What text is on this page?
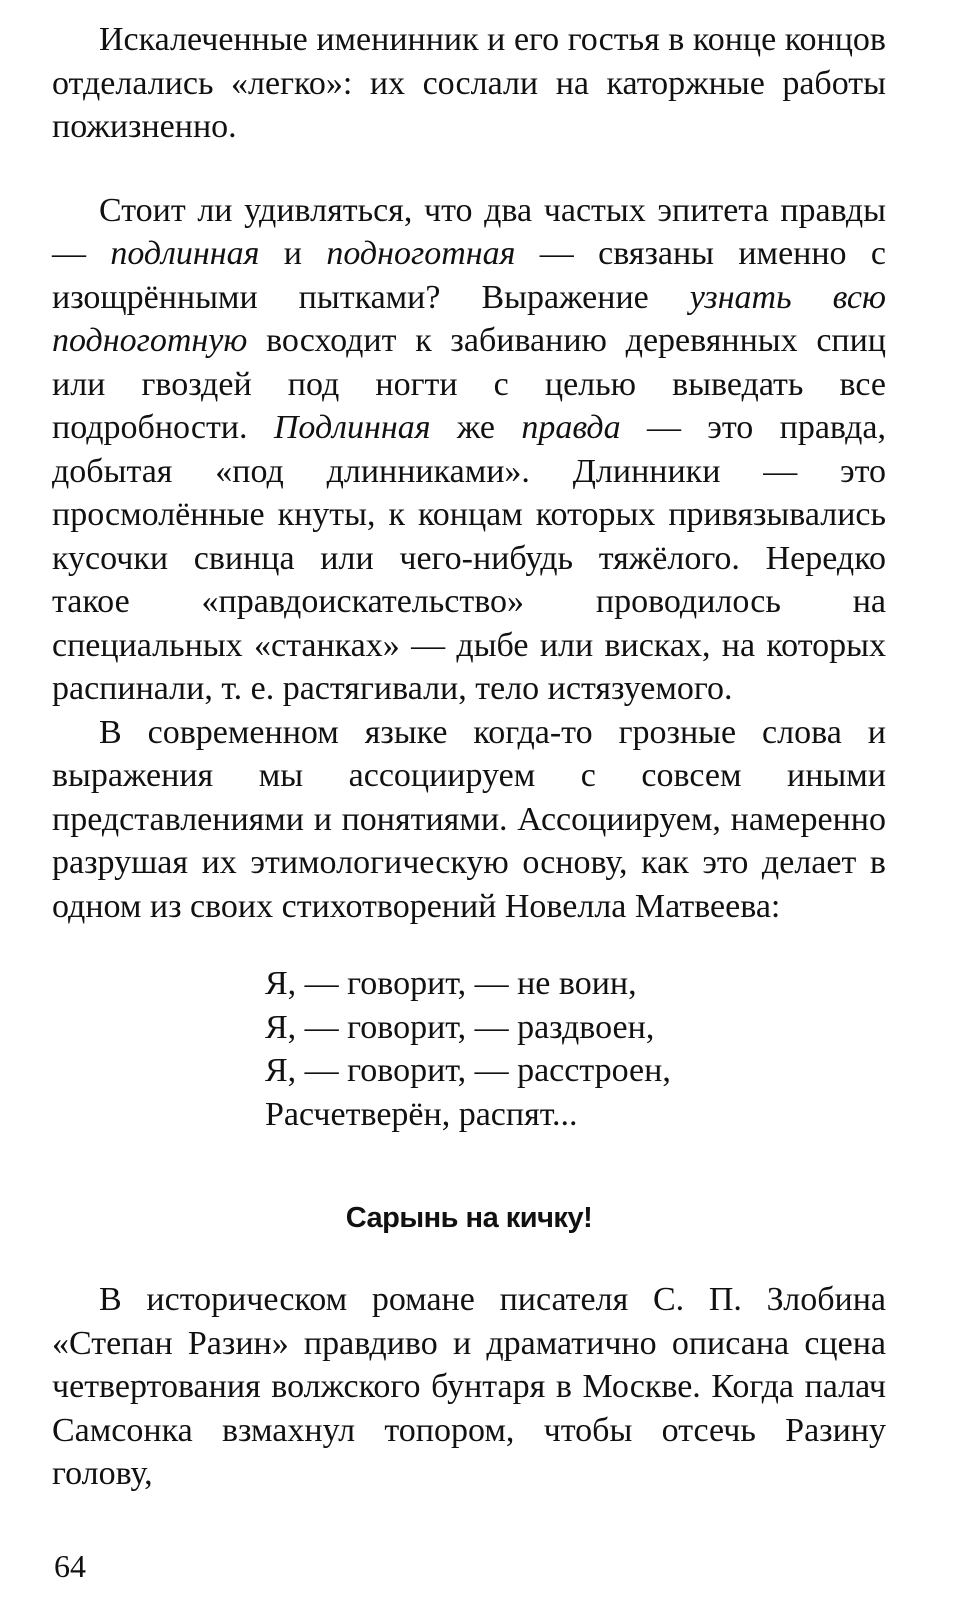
Искалеченные именинник и его гостья в конце концов отделались «легко»: их сослали на каторжные работы пожизненно.

Стоит ли удивляться, что два частых эпитета правды — подлинная и подноготная — связаны именно с изощрёнными пытками? Выражение узнать всю подноготную восходит к забиванию деревянных спиц или гвоздей под ногти с целью выведать все подробности. Подлинная же правда — это правда, добытая «под длинниками». Длинники — это просмолённые кнуты, к концам которых привязывались кусочки свинца или чего-нибудь тяжёлого. Нередко такое «правдоискательство» проводилось на специальных «станках» — дыбе или висках, на которых распинали, т. е. растягивали, тело истязуемого.

В современном языке когда-то грозные слова и выражения мы ассоциируем с совсем иными представлениями и понятиями. Ассоциируем, намеренно разрушая их этимологическую основу, как это делает в одном из своих стихотворений Новелла Матвеева:

Я, — говорит, — не воин,
Я, — говорит, — раздвоен,
Я, — говорит, — расстроен,
Расчетверён, распят...
Сарынь на кичку!

В историческом романе писателя С. П. Злобина «Степан Разин» правдиво и драматично описана сцена четвертования волжского бунтаря в Москве. Когда палач Самсонка взмахнул топором, чтобы отсечь Разину голову,

64
